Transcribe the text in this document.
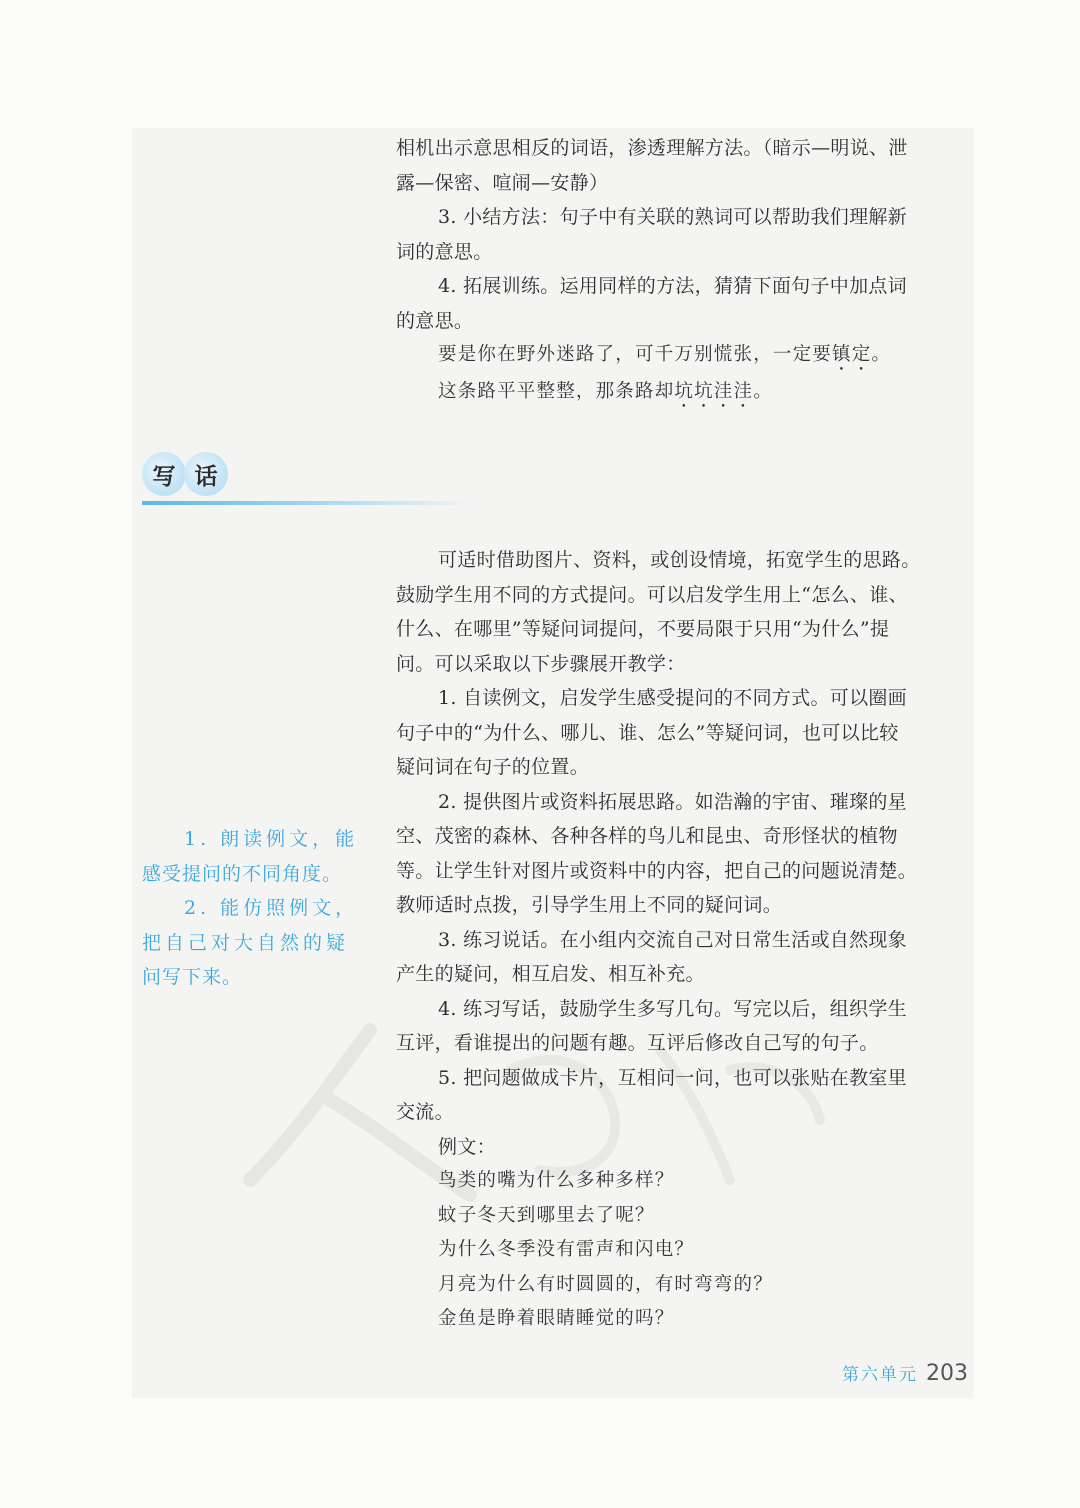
相机出示意思相反的词语，渗透理解方法。（暗示—明说、泄

露—保密、喧闹—安静）

3. 小结方法：句子中有关联的熟词可以帮助我们理解新

词的意思。

4. 拓展训练。运用同样的方法，猜猜下面句子中加点词

的意思。

要是你在野外迷路了，可千万别慌张，一定要镇定。

这条路平平整整，那条路却坑坑洼洼。

写 话

1. 朗读例文，能

感受提问的不同角度。

2. 能仿照例文，

把自己对大自然的疑

问写下来。

可适时借助图片、资料，或创设情境，拓宽学生的思路。

鼓励学生用不同的方式提问。可以启发学生用上“怎么、谁、

什么、在哪里”等疑问词提问，不要局限于只用“为什么”提

问。可以采取以下步骤展开教学：

1. 自读例文，启发学生感受提问的不同方式。可以圈画

句子中的“为什么、哪儿、谁、怎么”等疑问词，也可以比较

疑问词在句子的位置。

2. 提供图片或资料拓展思路。如浩瀚的宇宙、璀璨的星

空、茂密的森林、各种各样的鸟儿和昆虫、奇形怪状的植物

等。让学生针对图片或资料中的内容，把自己的问题说清楚。

教师适时点拨，引导学生用上不同的疑问词。

3. 练习说话。在小组内交流自己对日常生活或自然现象

产生的疑问，相互启发、相互补充。

4. 练习写话，鼓励学生多写几句。写完以后，组织学生

互评，看谁提出的问题有趣。互评后修改自己写的句子。

5. 把问题做成卡片，互相问一问，也可以张贴在教室里

交流。

例文：

鸟类的嘴为什么多种多样？

蚊子冬天到哪里去了呢？

为什么冬季没有雷声和闪电？

月亮为什么有时圆圆的，有时弯弯的？

金鱼是睁着眼睛睡觉的吗？

第六单元 203
